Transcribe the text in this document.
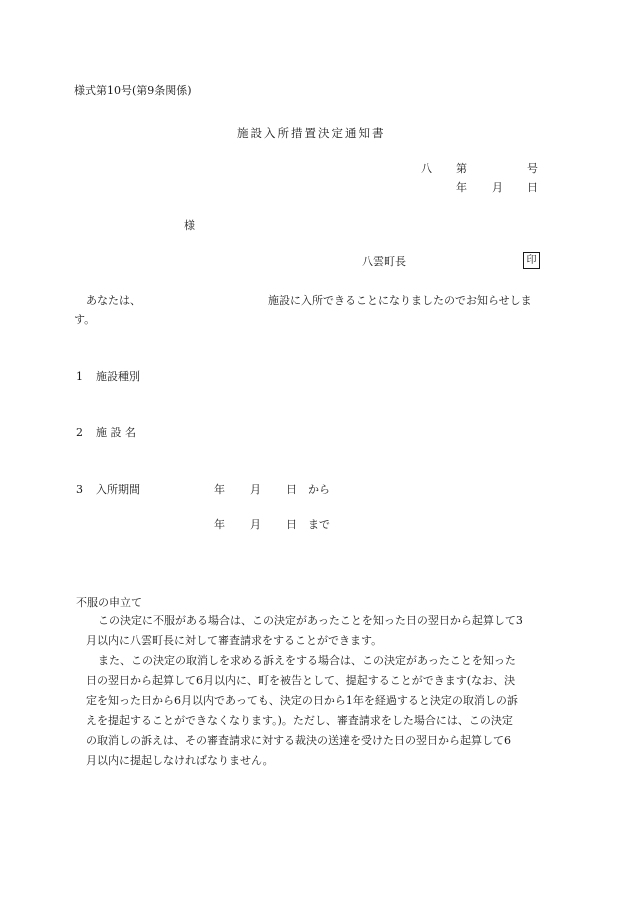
様式第10号(第9条関係)
施設入所措置決定通知書
八 第	号
年 月 日
様
八雲町長	印
あなたは、	施設に入所できることになりましたのでお知らせしま
す。
1 施設種別
2 施 設 名
3 入所期間	年 月 日 から
年 月 日 まで
不服の申立て
この決定に不服がある場合は、この決定があったことを知った日の翌日から起算して3
月以内に八雲町長に対して審査請求をすることができます。
また、この決定の取消しを求める訴えをする場合は、この決定があったことを知った
日の翌日から起算して6月以内に、町を被告として、提起することができます(なお、決
定を知った日から6月以内であっても、決定の日から1年を経過すると決定の取消しの訴
えを提起することができなくなります。)。ただし、審査請求をした場合には、この決定
の取消しの訴えは、その審査請求に対する裁決の送達を受けた日の翌日から起算して6
月以内に提起しなければなりません。
